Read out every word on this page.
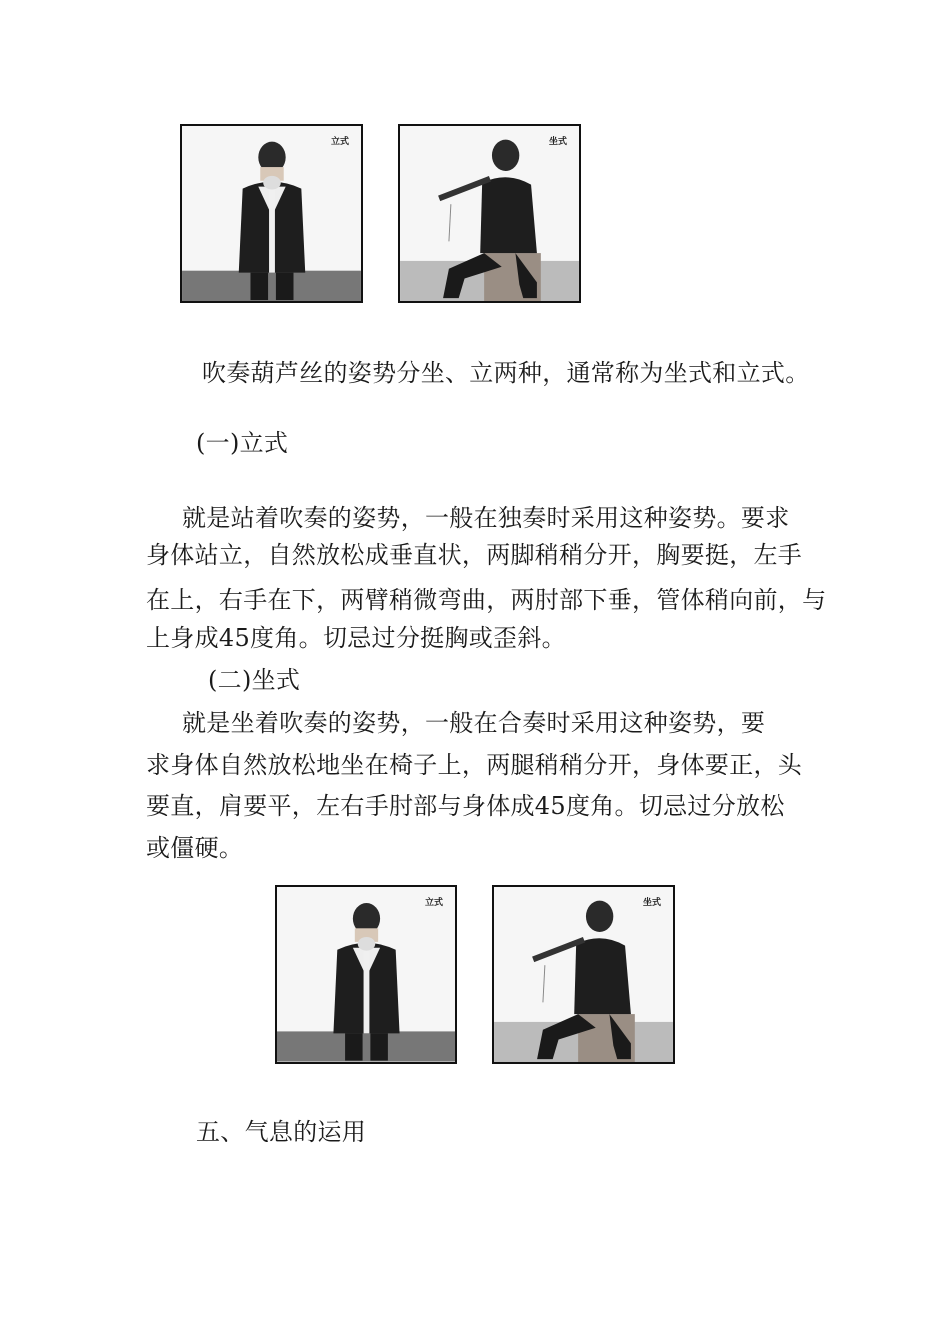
立式	坐式
吹奏葫芦丝的姿势分坐、立两种，通常称为坐式和立式。
(一)立式
就是站着吹奏的姿势，一般在独奏时采用这种姿势。要求
身体站立，自然放松成垂直状，两脚稍稍分开，胸要挺，左手
在上，右手在下，两臂稍微弯曲，两肘部下垂，管体稍向前，与
上身成45度角。切忌过分挺胸或歪斜。
(二)坐式
就是坐着吹奏的姿势，一般在合奏时采用这种姿势，要
求身体自然放松地坐在椅子上，两腿稍稍分开，身体要正，头
要直，肩要平，左右手肘部与身体成45度角。切忌过分放松
或僵硬。
立式	坐式
五、气息的运用
